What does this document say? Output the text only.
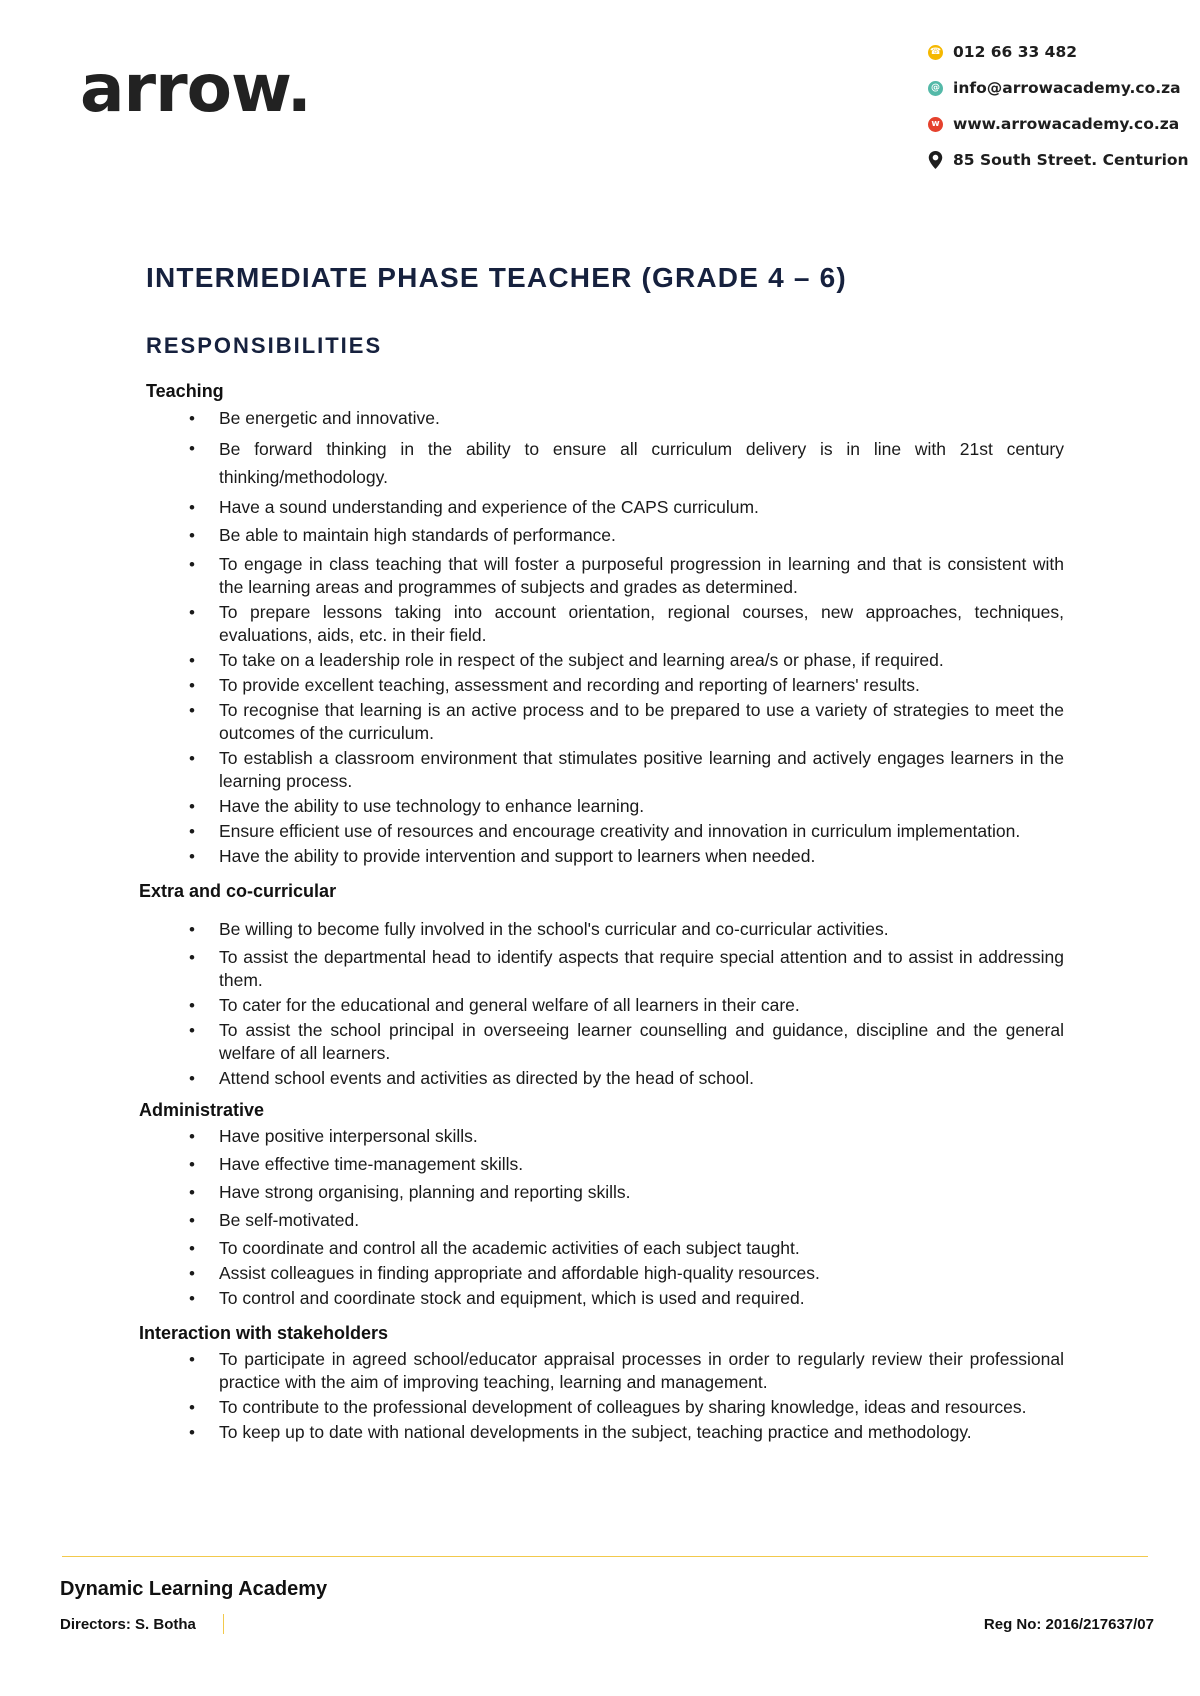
arrow.	☎ 012 66 33 482
@ info@arrowacademy.co.za
w www.arrowacademy.co.za
85 South Street. Centurion
INTERMEDIATE PHASE TEACHER (GRADE 4 – 6)
RESPONSIBILITIES
Teaching
• Be energetic and innovative.
• Be forward thinking in the ability to ensure all curriculum delivery is in line with 21st century thinking/methodology.
• Have a sound understanding and experience of the CAPS curriculum.
• Be able to maintain high standards of performance.
• To engage in class teaching that will foster a purposeful progression in learning and that is consistent with the learning areas and programmes of subjects and grades as determined.
• To prepare lessons taking into account orientation, regional courses, new approaches, techniques, evaluations, aids, etc. in their field.
• To take on a leadership role in respect of the subject and learning area/s or phase, if required.
• To provide excellent teaching, assessment and recording and reporting of learners' results.
• To recognise that learning is an active process and to be prepared to use a variety of strategies to meet the outcomes of the curriculum.
• To establish a classroom environment that stimulates positive learning and actively engages learners in the learning process.
• Have the ability to use technology to enhance learning.
• Ensure efficient use of resources and encourage creativity and innovation in curriculum implementation.
• Have the ability to provide intervention and support to learners when needed.
Extra and co-curricular
• Be willing to become fully involved in the school's curricular and co-curricular activities.
• To assist the departmental head to identify aspects that require special attention and to assist in addressing them.
• To cater for the educational and general welfare of all learners in their care.
• To assist the school principal in overseeing learner counselling and guidance, discipline and the general welfare of all learners.
• Attend school events and activities as directed by the head of school.
Administrative
• Have positive interpersonal skills.
• Have effective time-management skills.
• Have strong organising, planning and reporting skills.
• Be self-motivated.
• To coordinate and control all the academic activities of each subject taught.
• Assist colleagues in finding appropriate and affordable high-quality resources.
• To control and coordinate stock and equipment, which is used and required.
Interaction with stakeholders
• To participate in agreed school/educator appraisal processes in order to regularly review their professional practice with the aim of improving teaching, learning and management.
• To contribute to the professional development of colleagues by sharing knowledge, ideas and resources.
• To keep up to date with national developments in the subject, teaching practice and methodology.
Dynamic Learning Academy
Directors: S. Botha	Reg No: 2016/217637/07
